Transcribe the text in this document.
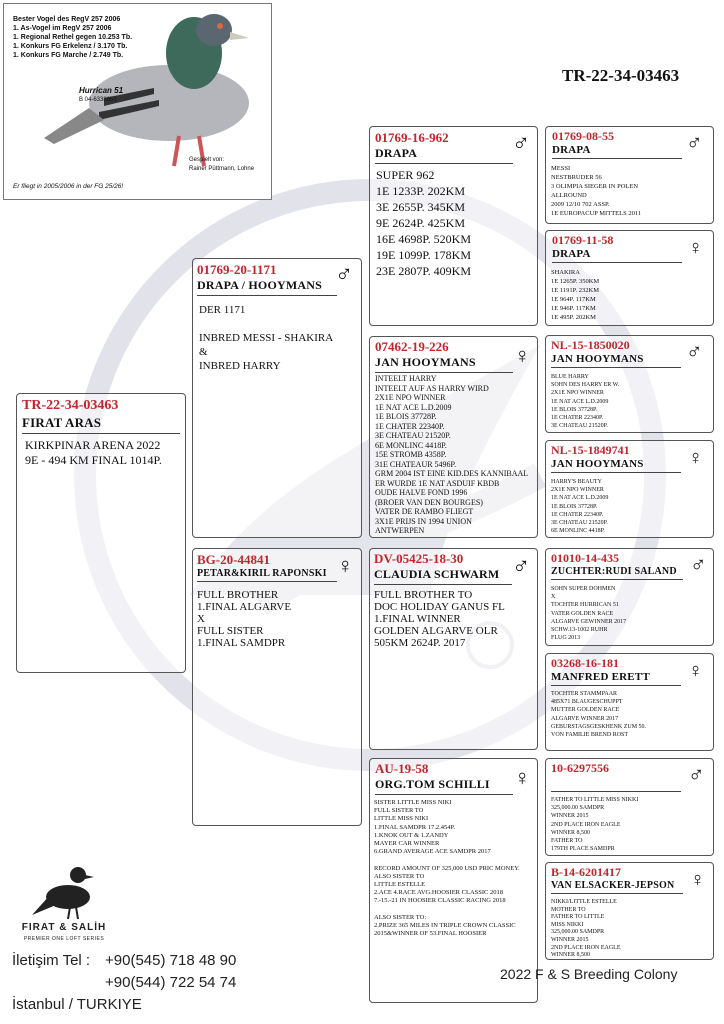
TR-22-34-03463
Bester Vogel des RegV 257 2006
1. As-Vogel im RegV 257 2006
1. Regional Rethel gegen 10.253 Tb.
1. Konkurs FG Erkelenz / 3.170 Tb.
1. Konkurs FG Marche / 2.749 Tb.
Hurrican 51
B 04-6338651
Gespielt von:
Rainer Püttmann, Lohne
Er fliegt in 2005/2006 in der FG 25/26!
TR-22-34-03463
FIRAT ARAS
KIRKPINAR ARENA 2022
9E - 494 KM FINAL 1014P.
01769-20-1171
DRAPA / HOOYMANS ♂
DER 1171

INBRED MESSI - SHAKIRA
&
INBRED HARRY
BG-20-44841
PETAR&KIRIL RAPONSKI ♀
FULL BROTHER
1.FINAL ALGARVE
X
FULL SISTER
1.FINAL SAMDPR
01769-16-962
DRAPA	♂
SUPER 962
1E 1233P. 202KM
3E 2655P. 345KM
9E 2624P. 425KM
16E 4698P. 520KM
19E 1099P. 178KM
23E 2807P. 409KM
07462-19-226
JAN HOOYMANS	♀
INTEELT HARRY
INTEELT AUF AS HARRY WIRD
2X1E NPO WINNER
1E NAT ACE L.D.2009
1E BLOIS 37728P.
1E CHATER 22340P.
3E CHATEAU 21520P.
6E MONLINC 4418P.
15E STROMB 4358P.
31E CHATEAUR 5496P.
GRM 2004 IST EINE KID.DES KANNIBAAL
ER WURDE 1E NAT ASDUIF KBDB
OUDE HALVE FOND 1996
(BROER VAN DEN BOURGES)
VATER DE RAMBO FLIEGT
3X1E PRIJS IN 1994 UNION
ANTWERPEN
DV-05425-18-30
CLAUDIA SCHWARM ♂
FULL BROTHER TO
DOC HOLIDAY GANUS FL
1.FINAL WINNER
GOLDEN ALGARVE OLR
505KM 2624P. 2017
AU-19-58
ORG.TOM SCHILLI	♀
SISTER LITTLE MISS NIKI
FULL SISTER TO
LITTLE MISS NIKI
1.FINAL SAMDPR 17.2.454P.
1.KNOK OUT & 1.ZANDY
MAYER CAR WINNER
6.GRAND AVERAGE ACE SAMDPR 2017

RECORD AMOUNT OF 325,000 USD PRIC MONEY.
ALSO SISTER TO
LITTLE ESTELLE
2.ACE 4.RACE AVG.HOOSIER CLASSIC 2018
7.-15.-21 IN HOOSIER CLASSIC RACING 2018

ALSO SISTER TO:
2.PRIZE 365 MILES IN TRIPLE CROWN CLASSIC
2015&WINNER OF 53.FINAL HOOSIER
01769-08-55
DRAPA	♂
MESSI
NESTBRUDER 56
3 OLIMPIA SIEGER IN POLEN
ALLROUND
2009 12/10 702 ASSP.
1E EUROPACUP MITTELS 2011
01769-11-58
DRAPA	♀
SHAKIRA
1E 1265P. 350KM
1E 1191P. 232KM
1E 964P. 117KM
1E 946P. 117KM
1E 495P. 202KM
NL-15-1850020
JAN HOOYMANS	♂
BLUE HARRY
SOHN DES HARRY ER W.
2X1E NPO WINNER
1E NAT ACE L.D.2009
1E BLOIS 37728P.
1E CHATER 22340P.
3E CHATEAU 21520P.
NL-15-1849741
JAN HOOYMANS	♀
HARRY'S BEAUTY
2X1E NPO WINNER
1E NAT ACE L.D.2009
1E BLOIS 37728P.
1E CHATER 22340P.
3E CHATEAU 21520P.
6E MONLINC 4418P.
01010-14-435
ZUCHTER:RUDI SALAND ♂
SOHN SUPER DOHMEN
X
TOCHTER HURRICAN 51
VATER GOLDEN RACE
ALGARVE GEWINNER 2017
SCHW.13-1002 RUHR
FLUG 2013
03268-16-181
MANFRED ERETT	♀
TOCHTER STAMMPAAR
485X71 BLAUGESCHUPPT
MUTTER GOLDEN RACE
ALGARVE WINNER 2017
GEBURSTAGSGESKHENK ZUM 50.
VON FAMILIE BREND ROST
10-6297556	♂
FATHER TO LITTLE MISS NIKKI
325,000.00 SAMDPR
WINNER 2015
2ND PLACE IRON EAGLE
WINNER 8,500
FATHER TO
179TH PLACE SAMDPR
B-14-6201417
VAN ELSACKER-JEPSON ♀
NIKKI/LITTLE ESTELLE
MOTHER TO
FATHER TO LITTLE
MISS NIKKI
325,000.00 SAMDPR
WINNER 2015
2ND PLACE IRON EAGLE
WINNER 8,500
FIRAT & SALİH
PREMIER ONE LOFT SERIES
İletişim Tel : +90(545) 718 48 90
+90(544) 722 54 74
İstanbul / TURKIYE
2022 F & S Breeding Colony
